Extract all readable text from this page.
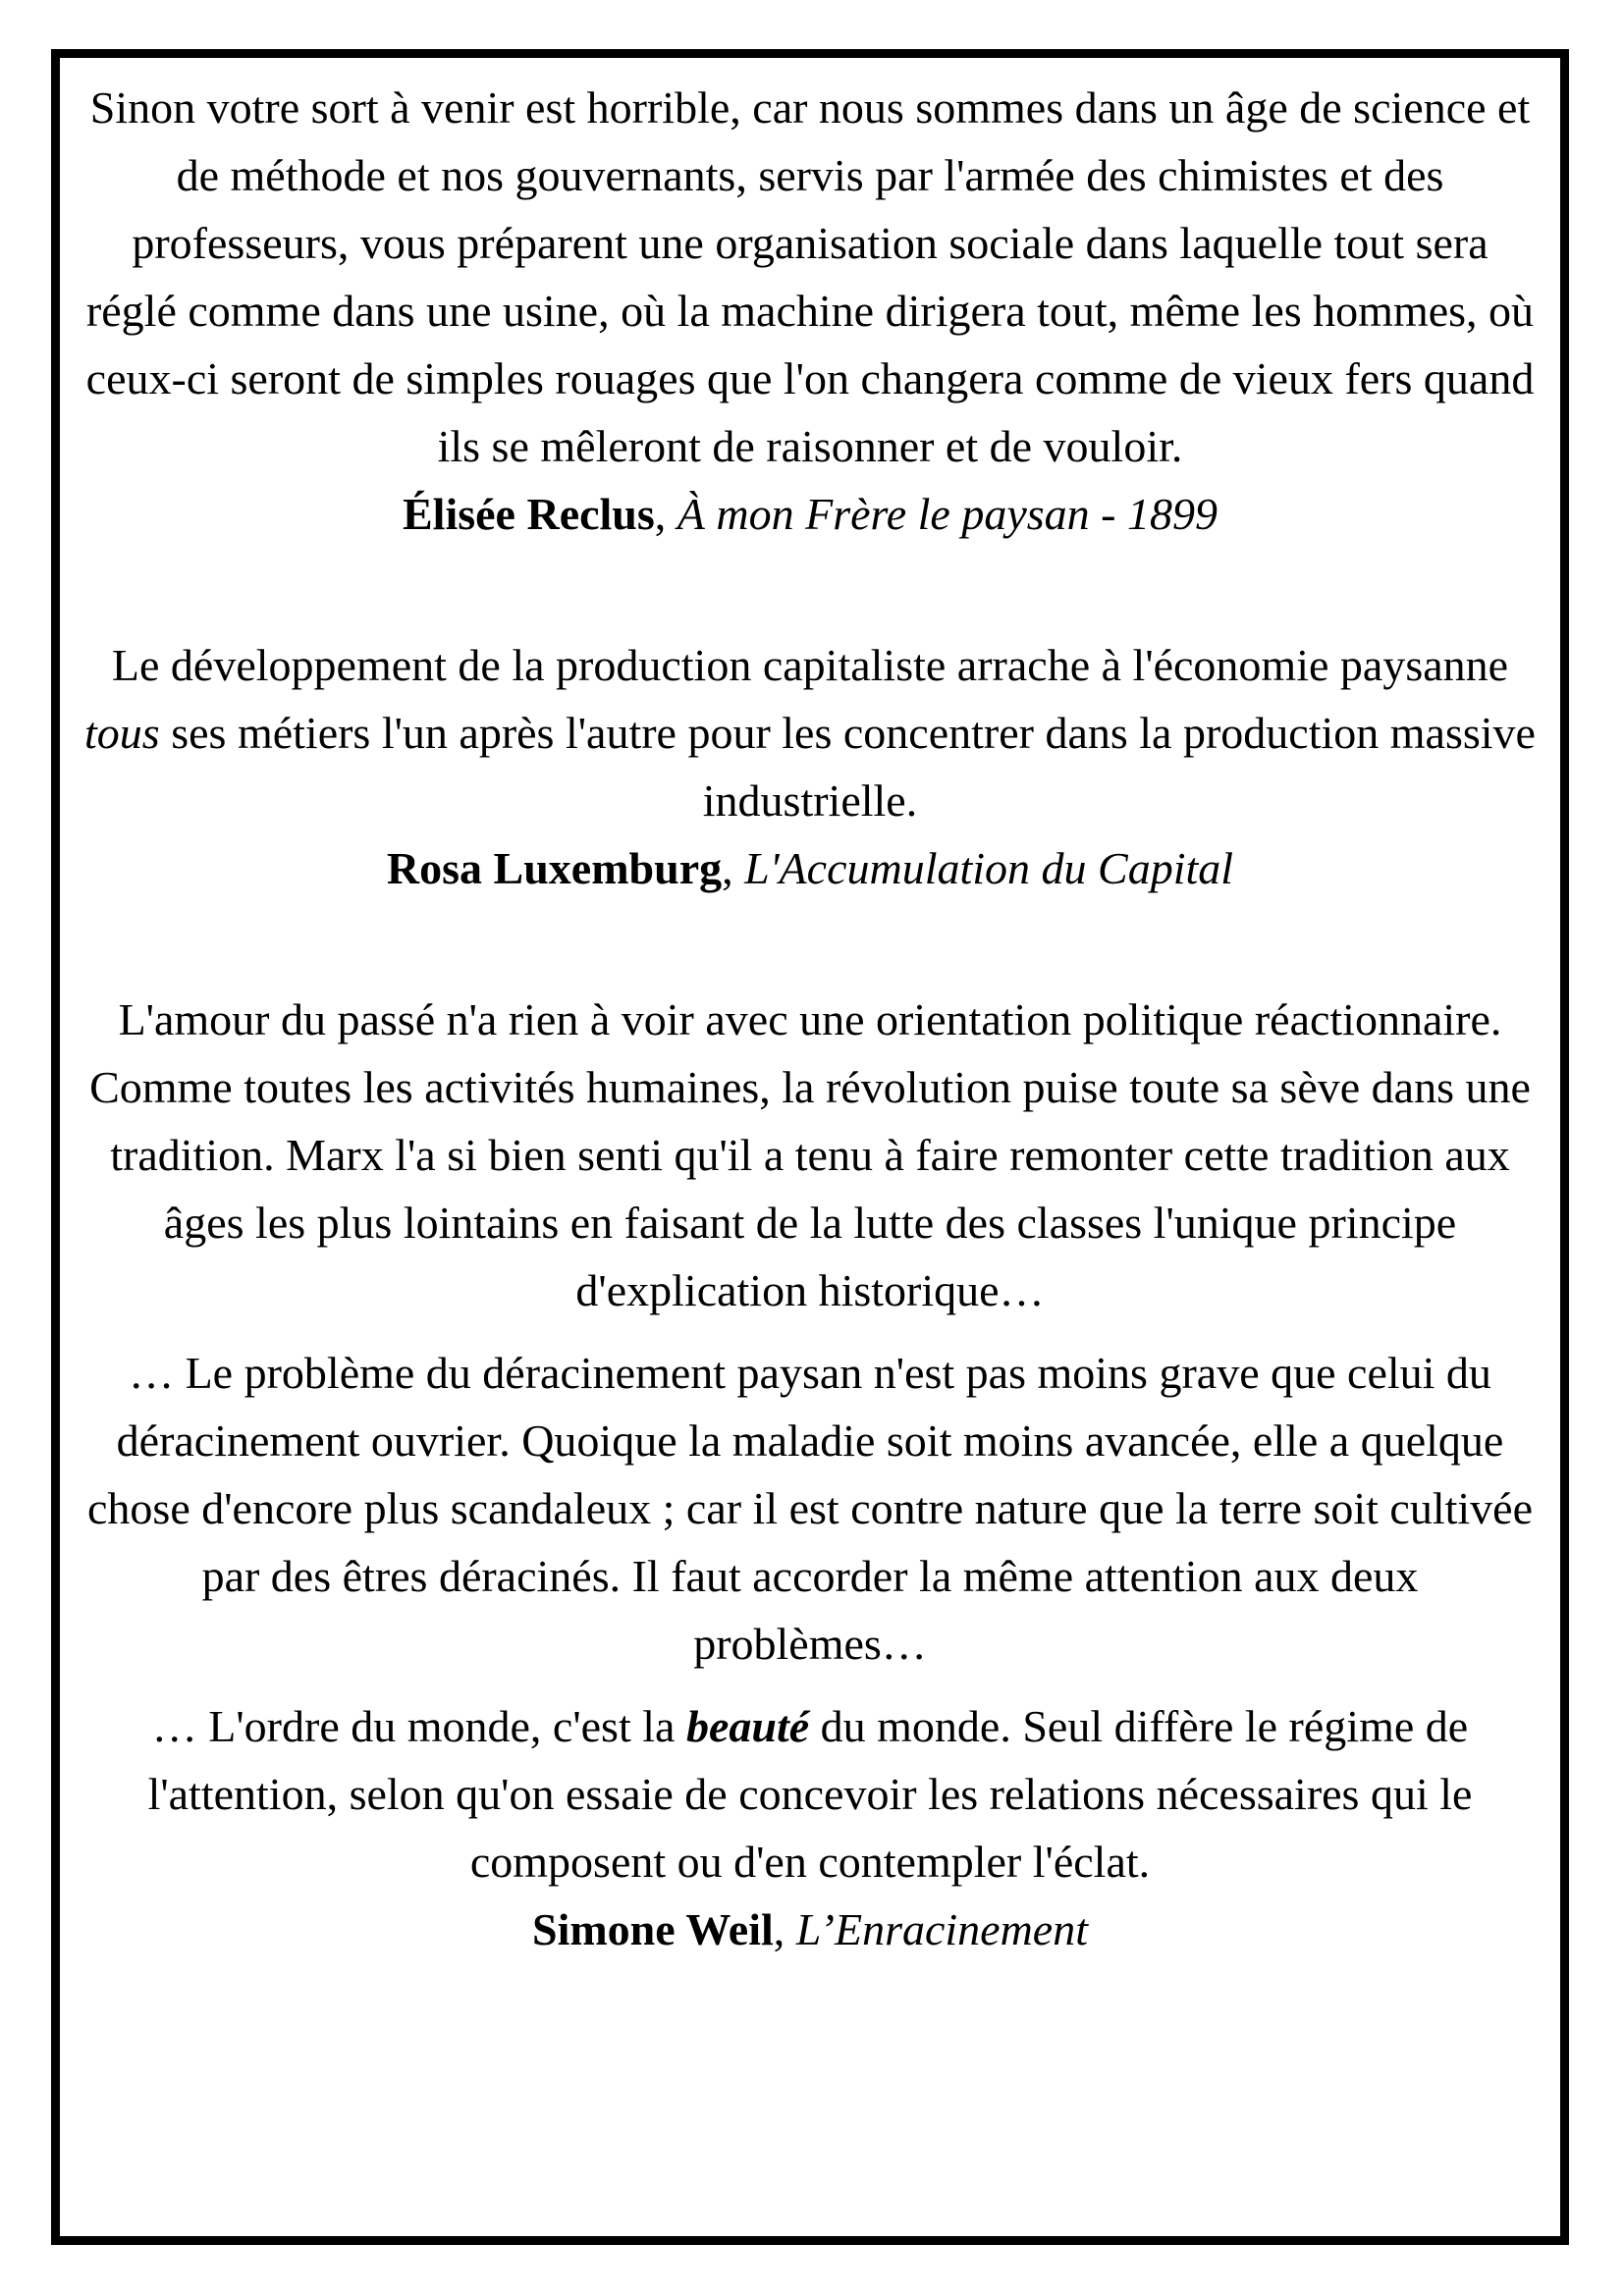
Sinon votre sort à venir est horrible, car nous sommes dans un âge de science et de méthode et nos gouvernants, servis par l'armée des chimistes et des professeurs, vous préparent une organisation sociale dans laquelle tout sera réglé comme dans une usine, où la machine dirigera tout, même les hommes, où ceux-ci seront de simples rouages que l'on changera comme de vieux fers quand ils se mêleront de raisonner et de vouloir.

Élisée Reclus, À mon Frère le paysan - 1899

Le développement de la production capitaliste arrache à l'économie paysanne tous ses métiers l'un après l'autre pour les concentrer dans la production massive industrielle.

Rosa Luxemburg, L'Accumulation du Capital

L'amour du passé n'a rien à voir avec une orientation politique réactionnaire. Comme toutes les activités humaines, la révolution puise toute sa sève dans une tradition. Marx l'a si bien senti qu'il a tenu à faire remonter cette tradition aux âges les plus lointains en faisant de la lutte des classes l'unique principe d'explication historique…

… Le problème du déracinement paysan n'est pas moins grave que celui du déracinement ouvrier. Quoique la maladie soit moins avancée, elle a quelque chose d'encore plus scandaleux ; car il est contre nature que la terre soit cultivée par des êtres déracinés. Il faut accorder la même attention aux deux problèmes…

… L'ordre du monde, c'est la beauté du monde. Seul diffère le régime de l'attention, selon qu'on essaie de concevoir les relations nécessaires qui le composent ou d'en contempler l'éclat.

Simone Weil, L’Enracinement
